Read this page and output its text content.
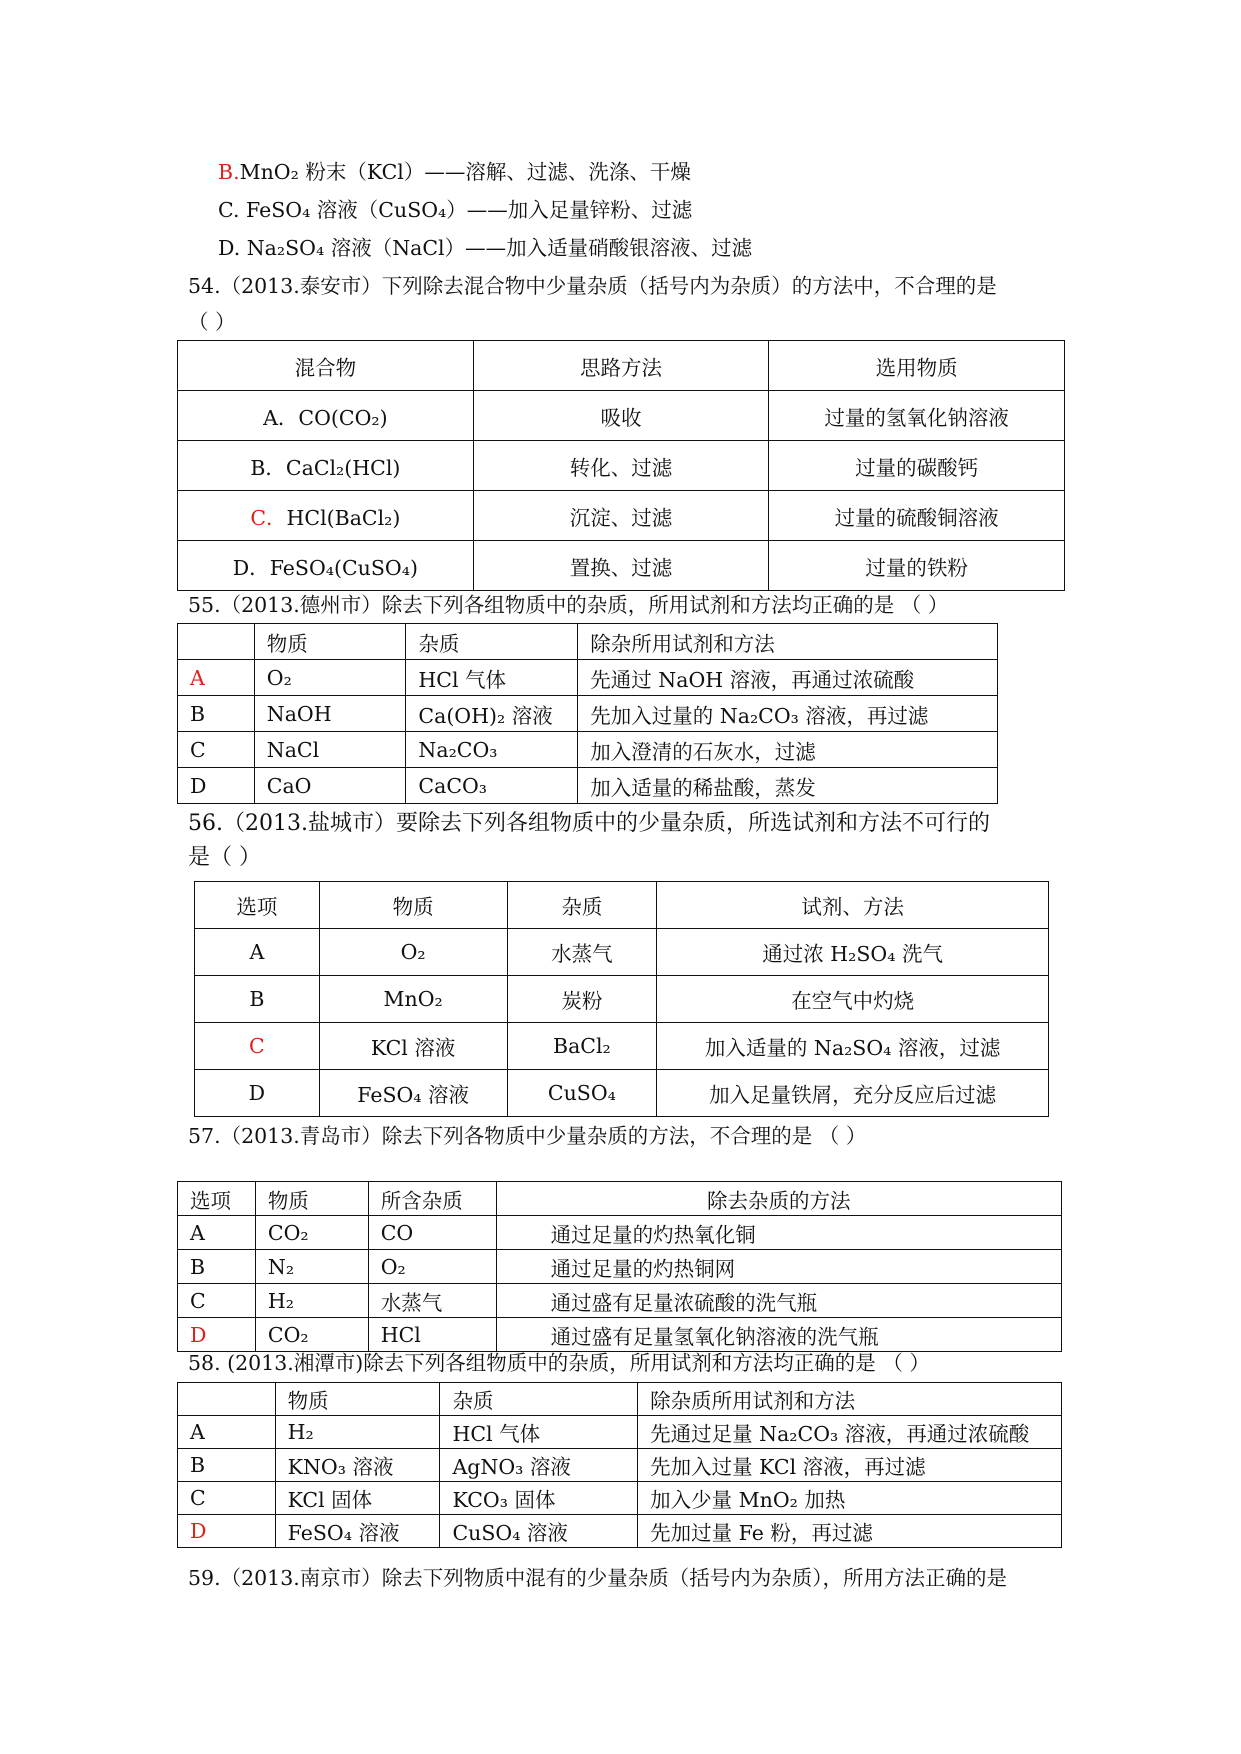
B.MnO₂ 粉末（KCl）——溶解、过滤、洗涤、干燥
C. FeSO₄ 溶液（CuSO₄）——加入足量锌粉、过滤
D. Na₂SO₄ 溶液（NaCl）——加入适量硝酸银溶液、过滤
54.（2013.泰安市）下列除去混合物中少量杂质（括号内为杂质）的方法中，不合理的是
（ ）
混合物	思路方法	选用物质
A．CO(CO₂)	吸收	过量的氢氧化钠溶液
B．CaCl₂(HCl)	转化、过滤	过量的碳酸钙
C．HCl(BaCl₂)	沉淀、过滤	过量的硫酸铜溶液
D．FeSO₄(CuSO₄)	置换、过滤	过量的铁粉
55.（2013.德州市）除去下列各组物质中的杂质，所用试剂和方法均正确的是 （ ）
	物质	杂质	除杂所用试剂和方法
A	O₂	HCl 气体	先通过 NaOH 溶液，再通过浓硫酸
B	NaOH	Ca(OH)₂ 溶液	先加入过量的 Na₂CO₃ 溶液，再过滤
C	NaCl	Na₂CO₃	加入澄清的石灰水，过滤
D	CaO	CaCO₃	加入适量的稀盐酸，蒸发
56.（2013.盐城市）要除去下列各组物质中的少量杂质，所选试剂和方法不可行的
是（ ）
选项	物质	杂质	试剂、方法
A	O₂	水蒸气	通过浓 H₂SO₄ 洗气
B	MnO₂	炭粉	在空气中灼烧
C	KCl 溶液	BaCl₂	加入适量的 Na₂SO₄ 溶液，过滤
D	FeSO₄ 溶液	CuSO₄	加入足量铁屑，充分反应后过滤
57.（2013.青岛市）除去下列各物质中少量杂质的方法，不合理的是 （ ）
选项	物质	所含杂质	除去杂质的方法
A	CO₂	CO	通过足量的灼热氧化铜
B	N₂	O₂	通过足量的灼热铜网
C	H₂	水蒸气	通过盛有足量浓硫酸的洗气瓶
D	CO₂	HCl	通过盛有足量氢氧化钠溶液的洗气瓶
58. (2013.湘潭市)除去下列各组物质中的杂质，所用试剂和方法均正确的是 （ ）
	物质	杂质	除杂质所用试剂和方法
A	H₂	HCl 气体	先通过足量 Na₂CO₃ 溶液，再通过浓硫酸
B	KNO₃ 溶液	AgNO₃ 溶液	先加入过量 KCl 溶液，再过滤
C	KCl 固体	KCO₃ 固体	加入少量 MnO₂ 加热
D	FeSO₄ 溶液	CuSO₄ 溶液	先加过量 Fe 粉，再过滤
59.（2013.南京市）除去下列物质中混有的少量杂质（括号内为杂质），所用方法正确的是
